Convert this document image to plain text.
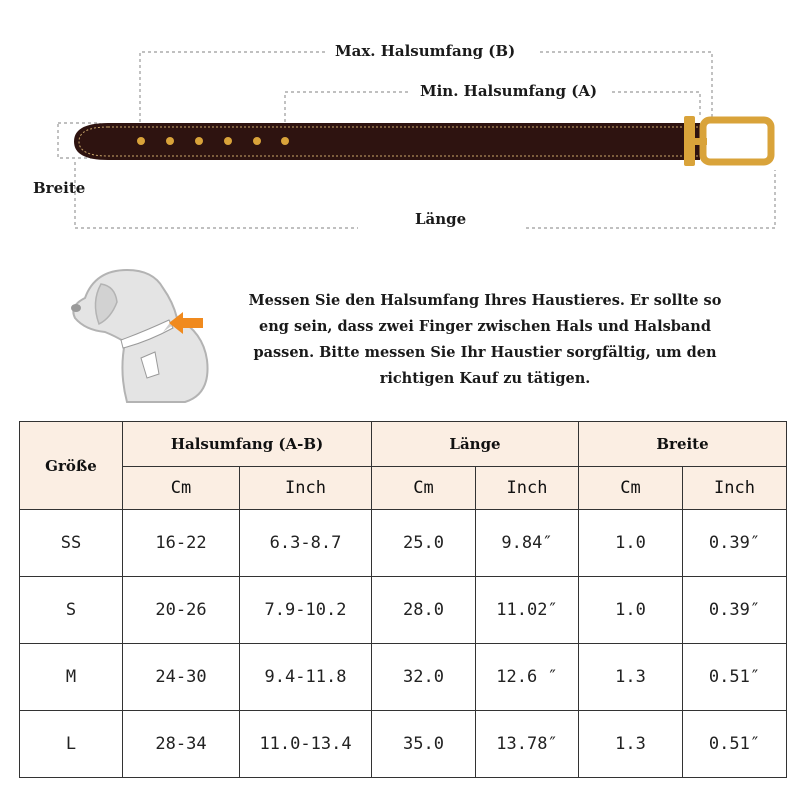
Max. Halsumfang (B)
Min. Halsumfang (A)
Breite
Länge
Messen Sie den Halsumfang Ihres Haustieres. Er sollte so eng sein, dass zwei Finger zwischen Hals und Halsband passen. Bitte messen Sie Ihr Haustier sorgfältig, um den richtigen Kauf zu tätigen.
Größe	Halsumfang (A-B)		Länge		Breite	
	Cm	Inch	Cm	Inch	Cm	Inch
SS	16-22	6.3-8.7	25.0	9.84″	1.0	0.39″
S	20-26	7.9-10.2	28.0	11.02″	1.0	0.39″
M	24-30	9.4-11.8	32.0	12.6 ″	1.3	0.51″
L	28-34	11.0-13.4	35.0	13.78″	1.3	0.51″
